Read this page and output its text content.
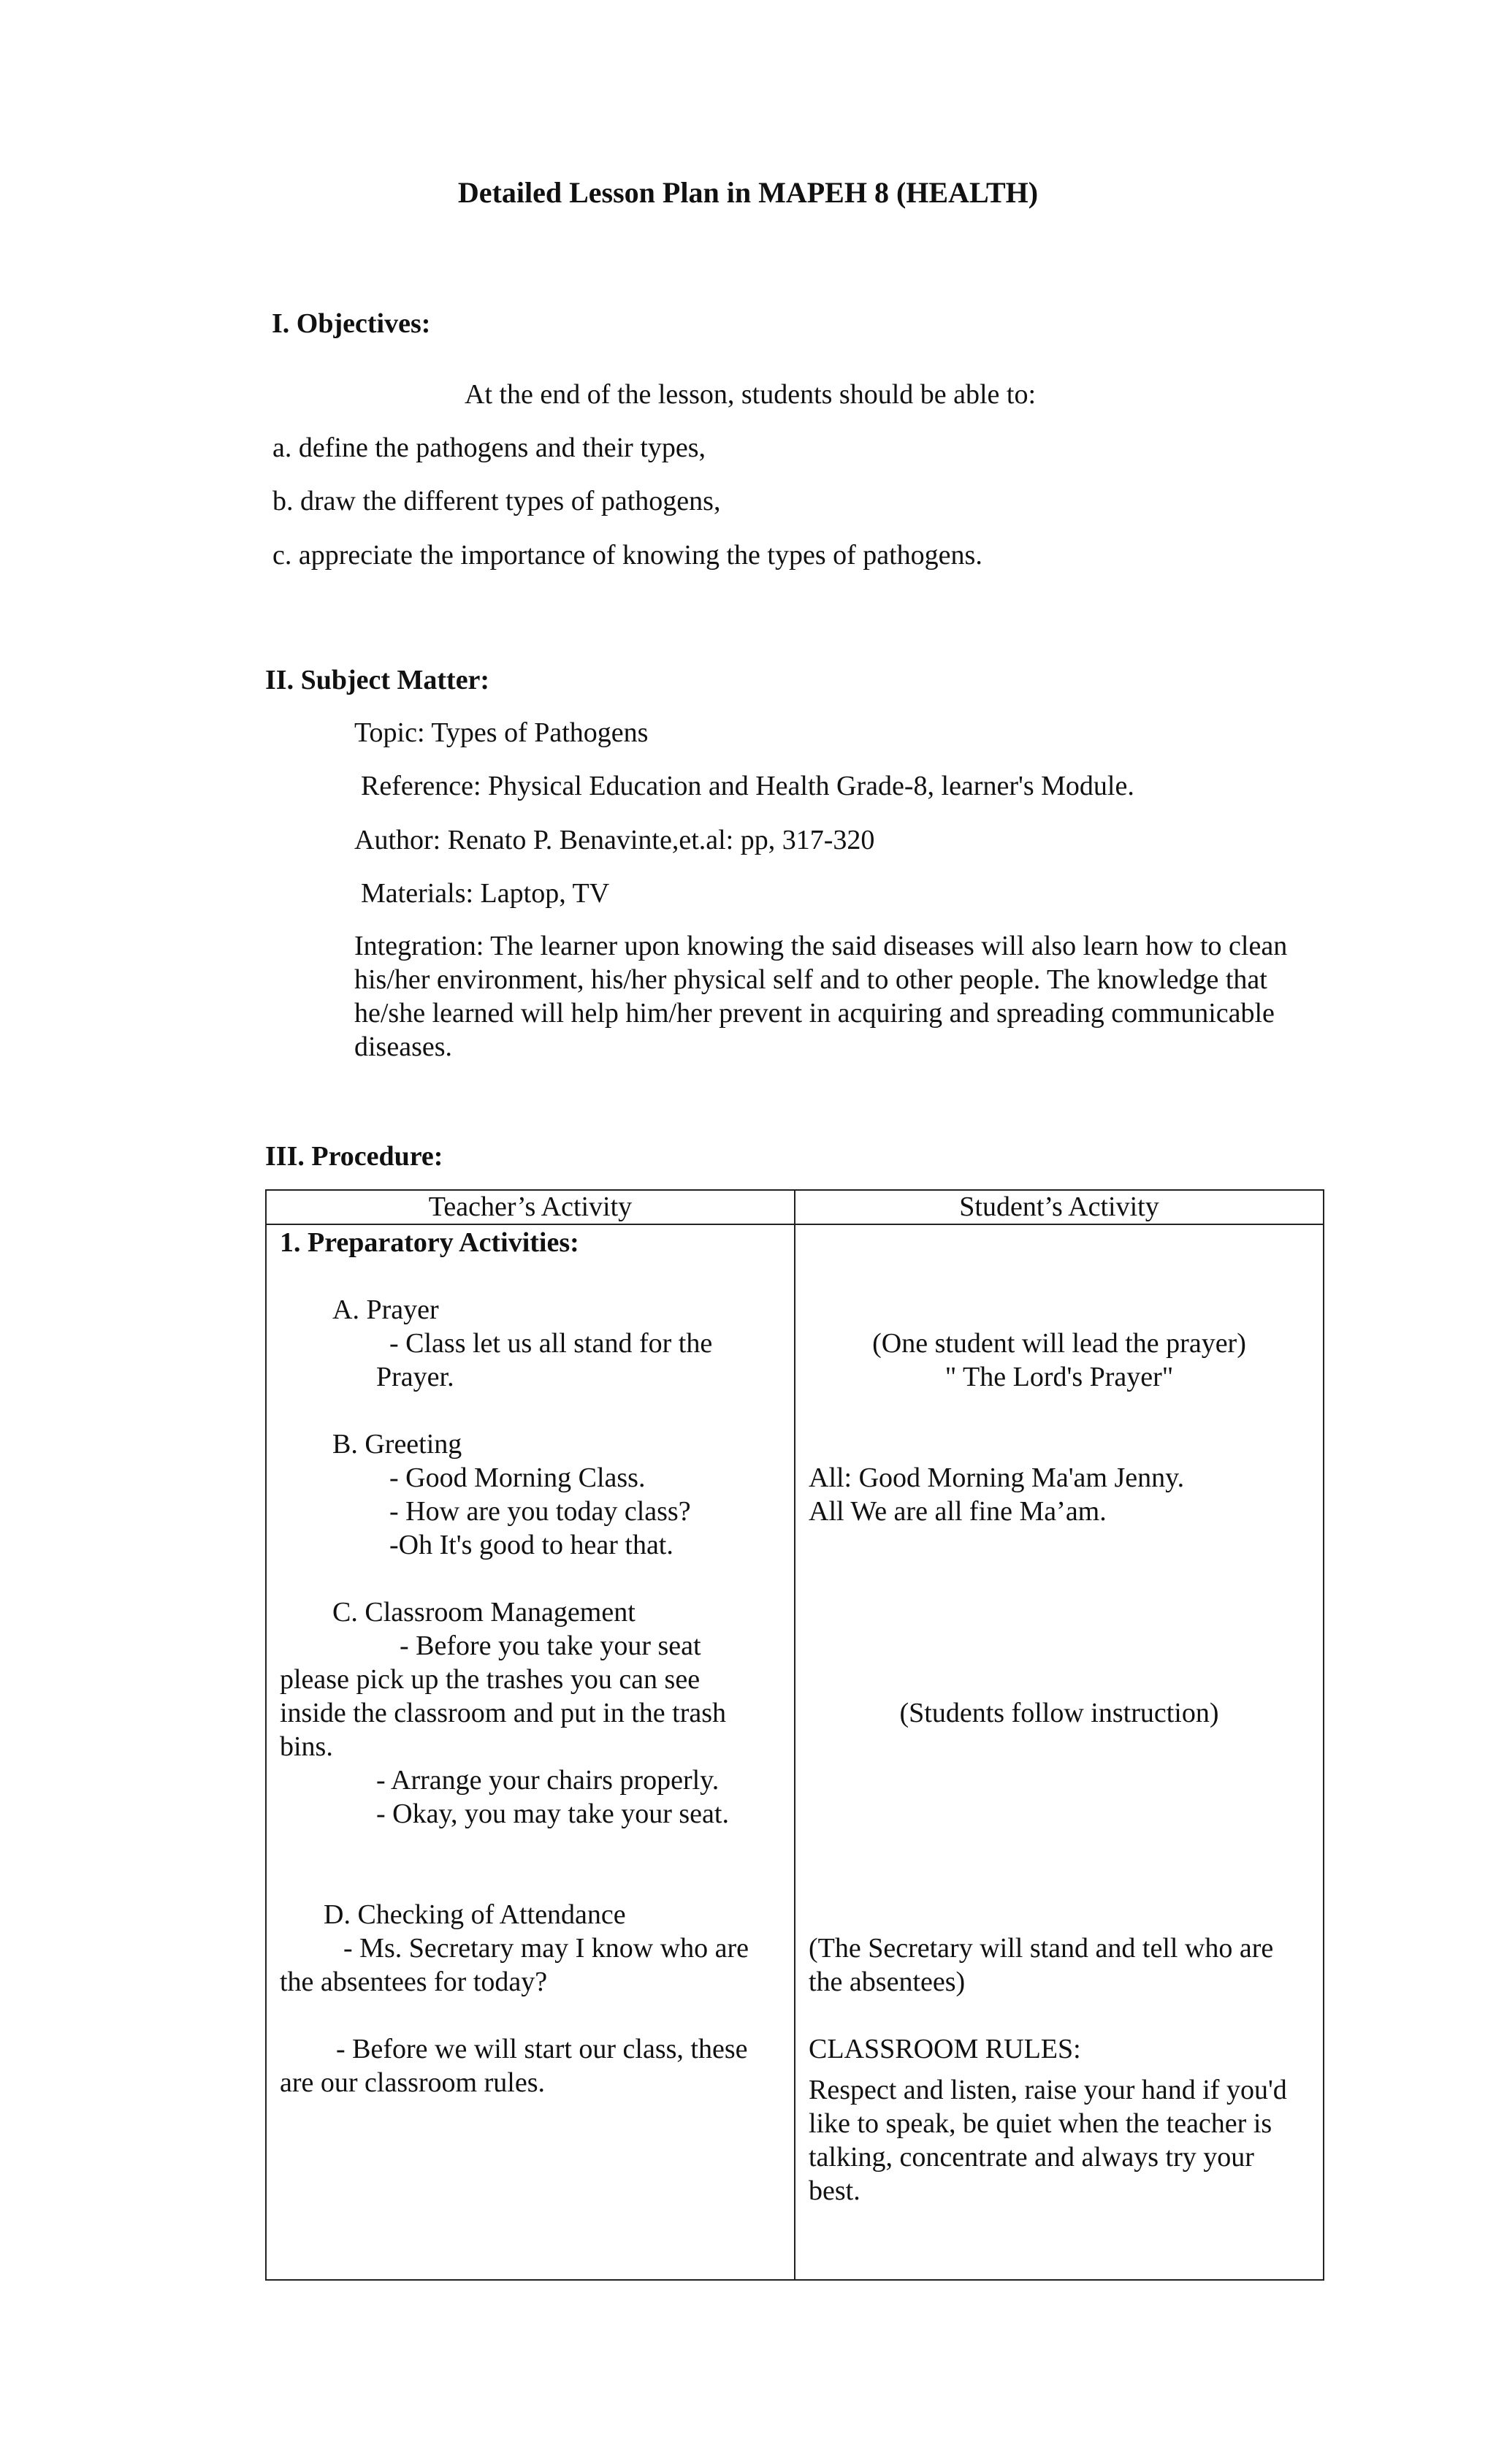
Detailed Lesson Plan in MAPEH 8 (HEALTH)
I. Objectives:
At the end of the lesson, students should be able to:
a. define the pathogens and their types,
b. draw the different types of pathogens,
c. appreciate the importance of knowing the types of pathogens.
II. Subject Matter:
Topic: Types of Pathogens
Reference: Physical Education and Health Grade-8, learner's Module.
Author: Renato P. Benavinte,et.al: pp, 317-320
Materials: Laptop, TV
Integration: The learner upon knowing the said diseases will also learn how to clean his/her environment, his/her physical self and to other people. The knowledge that he/she learned will help him/her prevent in acquiring and spreading communicable diseases.
III. Procedure:
Teacher’s Activity	Student’s Activity
1. Preparatory Activities:
A. Prayer
- Class let us all stand for the
Prayer.
B. Greeting
- Good Morning Class.
- How are you today class?
-Oh It's good to hear that.
C. Classroom Management
- Before you take your seat
please pick up the trashes you can see
inside the classroom and put in the trash
bins.
- Arrange your chairs properly.
- Okay, you may take your seat.
D. Checking of Attendance
- Ms. Secretary may I know who are
the absentees for today?
- Before we will start our class, these
are our classroom rules.
(One student will lead the prayer)
" The Lord's Prayer"
All: Good Morning Ma'am Jenny.
All We are all fine Ma’am.
(Students follow instruction)
(The Secretary will stand and tell who are
the absentees)
CLASSROOM RULES:
Respect and listen, raise your hand if you'd like to speak, be quiet when the teacher is talking, concentrate and always try your best.
